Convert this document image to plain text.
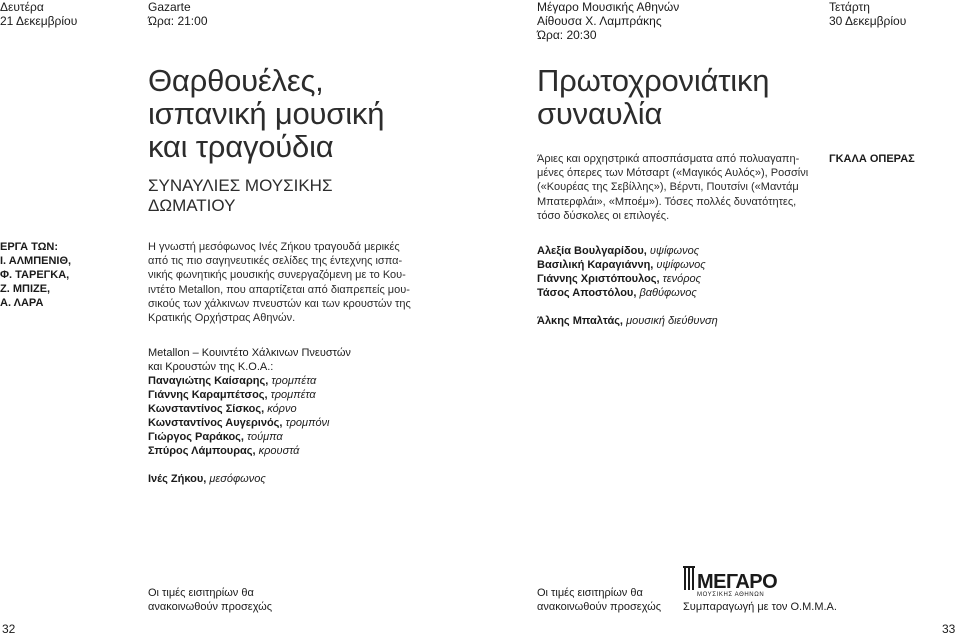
Δευτέρα
21 Δεκεμβρίου
Gazarte
Ώρα: 21:00
Θαρθουέλες,
ισπανική μουσική
και τραγούδια
ΣΥΝΑΥΛΙΕΣ ΜΟΥΣΙΚΗΣ
ΔΩΜΑΤΙΟΥ
ΕΡΓΑ ΤΩΝ:
Ι. ΑΛΜΠΕΝΙΘ,
Φ. ΤΑΡΕΓΚΑ,
Ζ. ΜΠΙΖΕ,
Α. ΛΑΡΑ
Η γνωστή μεσόφωνος Ινές Ζήκου τραγουδά μερικές
από τις πιο σαγηνευτικές σελίδες της έντεχνης ισπα-
νικής φωνητικής μουσικής συνεργαζόμενη με το Κου-
ιντέτο Metallon, που απαρτίζεται από διαπρεπείς μου-
σικούς των χάλκινων πνευστών και των κρουστών της
Κρατικής Ορχήστρας Αθηνών.
Metallon – Κουιντέτο Χάλκινων Πνευστών
και Κρουστών της Κ.Ο.Α.:
Παναγιώτης Καίσαρης, τρομπέτα
Γιάννης Καραμπέτσος, τρομπέτα
Κωνσταντίνος Σίσκος, κόρνο
Κωνσταντίνος Αυγερινός, τρομπόνι
Γιώργος Ραράκος, τούμπα
Σπύρος Λάμπουρας, κρουστά
Ινές Ζήκου, μεσόφωνος
Οι τιμές εισιτηρίων θα
ανακοινωθούν προσεχώς
32
Μέγαρο Μουσικής Αθηνών
Αίθουσα Χ. Λαμπράκης
Ώρα: 20:30
Τετάρτη
30 Δεκεμβρίου
Πρωτοχρονιάτικη
συναυλία
Άριες και ορχηστρικά αποσπάσματα από πολυαγαπη-
μένες όπερες των Μότσαρτ («Μαγικός Αυλός»), Ροσσίνι
(«Κουρέας της Σεβίλλης»), Βέρντι, Πουτσίνι («Μαντάμ
Μπατερφλάι», «Μποέμ»). Τόσες πολλές δυνατότητες,
τόσο δύσκολες οι επιλογές.
ΓΚΑΛΑ ΟΠΕΡΑΣ
Αλεξία Βουλγαρίδου, υψίφωνος
Βασιλική Καραγιάννη, υψίφωνος
Γιάννης Χριστόπουλος, τενόρος
Τάσος Αποστόλου, βαθύφωνος
Άλκης Μπαλτάς, μουσική διεύθυνση
Οι τιμές εισιτηρίων θα
ανακοινωθούν προσεχώς
ΜΕΓΑΡΟ
ΜΟΥΣΙΚΗΣ ΑΘΗΝΩΝ
Συμπαραγωγή με τον Ο.Μ.Μ.Α.
33
